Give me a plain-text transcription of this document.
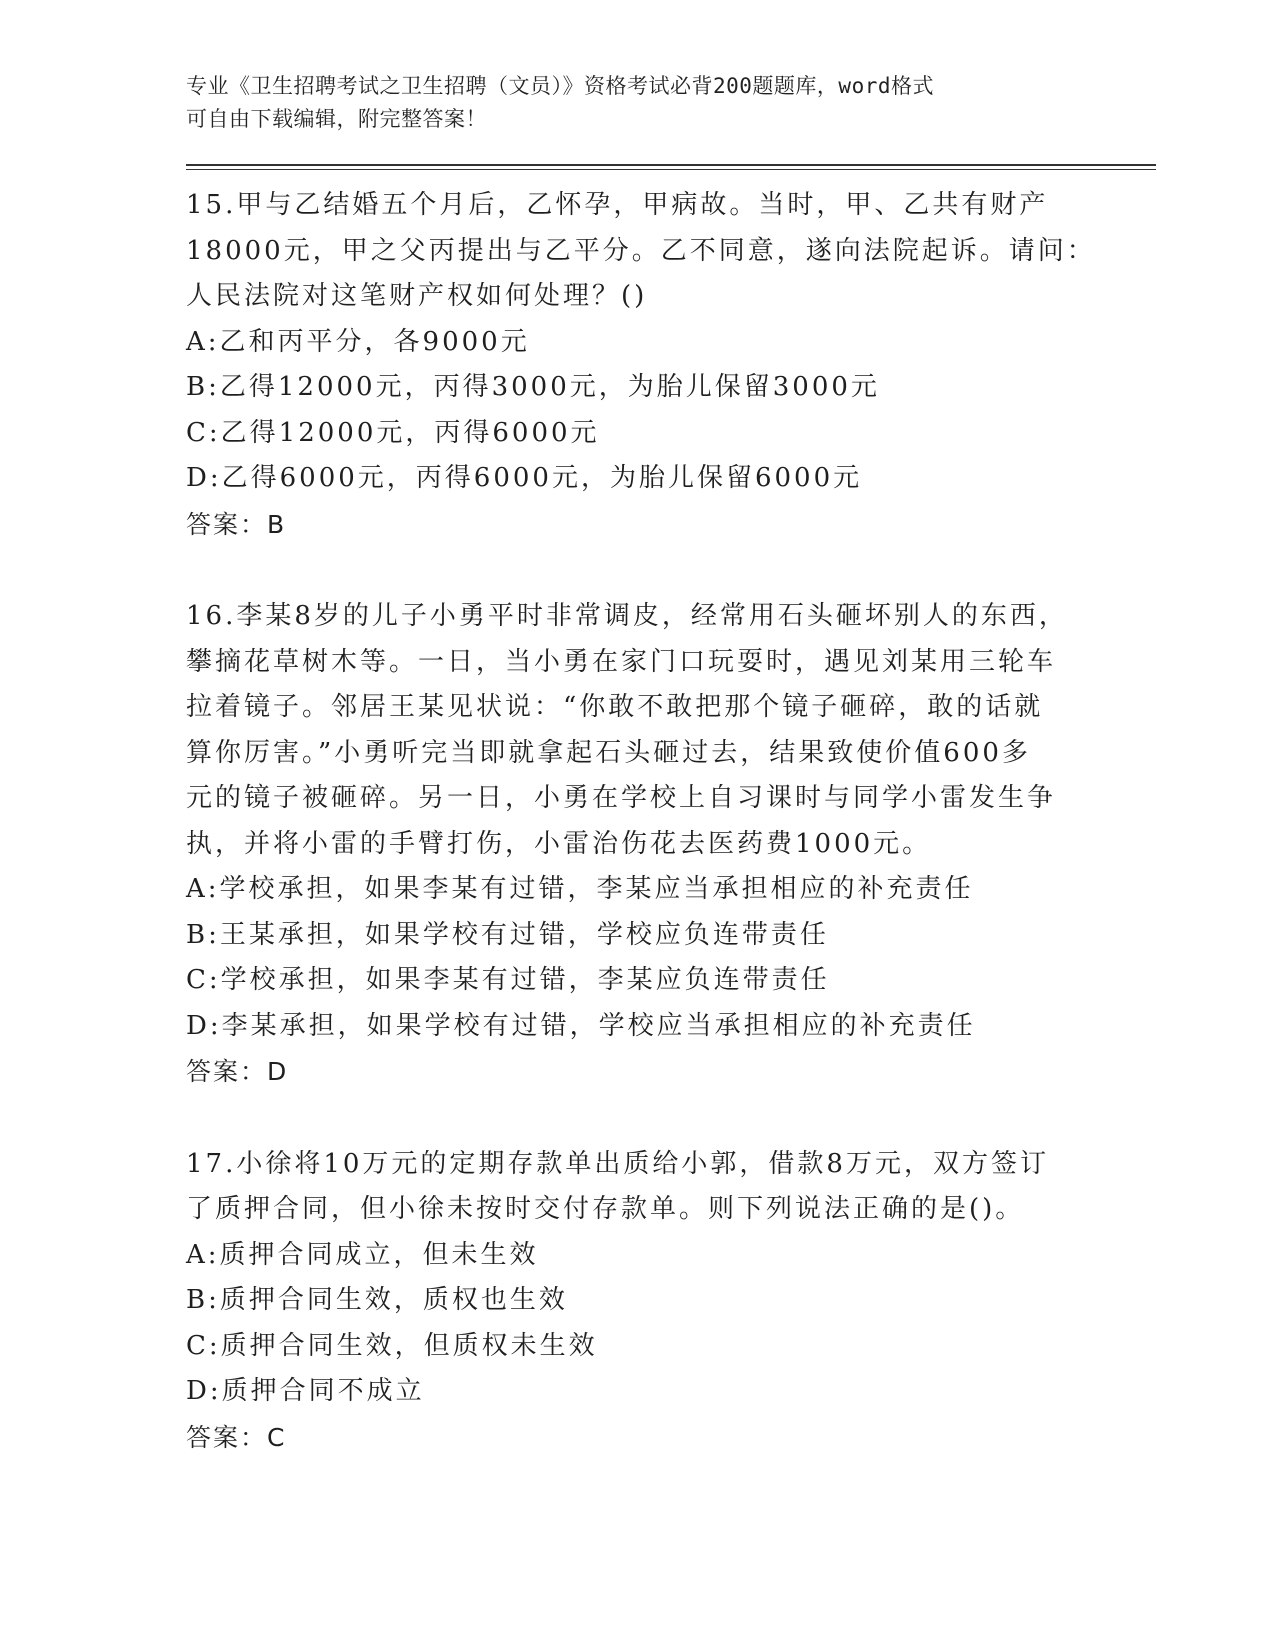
专业《卫生招聘考试之卫生招聘（文员）》资格考试必背200题题库，word格式
可自由下载编辑，附完整答案！
15.甲与乙结婚五个月后，乙怀孕，甲病故。当时，甲、乙共有财产
18000元，甲之父丙提出与乙平分。乙不同意，遂向法院起诉。请问：
人民法院对这笔财产权如何处理？()
A:乙和丙平分，各9000元
B:乙得12000元，丙得3000元，为胎儿保留3000元
C:乙得12000元，丙得6000元
D:乙得6000元，丙得6000元，为胎儿保留6000元
答案：B
16.李某8岁的儿子小勇平时非常调皮，经常用石头砸坏别人的东西，
攀摘花草树木等。一日，当小勇在家门口玩耍时，遇见刘某用三轮车
拉着镜子。邻居王某见状说：“你敢不敢把那个镜子砸碎，敢的话就
算你厉害。”小勇听完当即就拿起石头砸过去，结果致使价值600多
元的镜子被砸碎。另一日，小勇在学校上自习课时与同学小雷发生争
执，并将小雷的手臂打伤，小雷治伤花去医药费1000元。
A:学校承担，如果李某有过错，李某应当承担相应的补充责任
B:王某承担，如果学校有过错，学校应负连带责任
C:学校承担，如果李某有过错，李某应负连带责任
D:李某承担，如果学校有过错，学校应当承担相应的补充责任
答案：D
17.小徐将10万元的定期存款单出质给小郭，借款8万元，双方签订
了质押合同，但小徐未按时交付存款单。则下列说法正确的是()。
A:质押合同成立，但未生效
B:质押合同生效，质权也生效
C:质押合同生效，但质权未生效
D:质押合同不成立
答案：C
